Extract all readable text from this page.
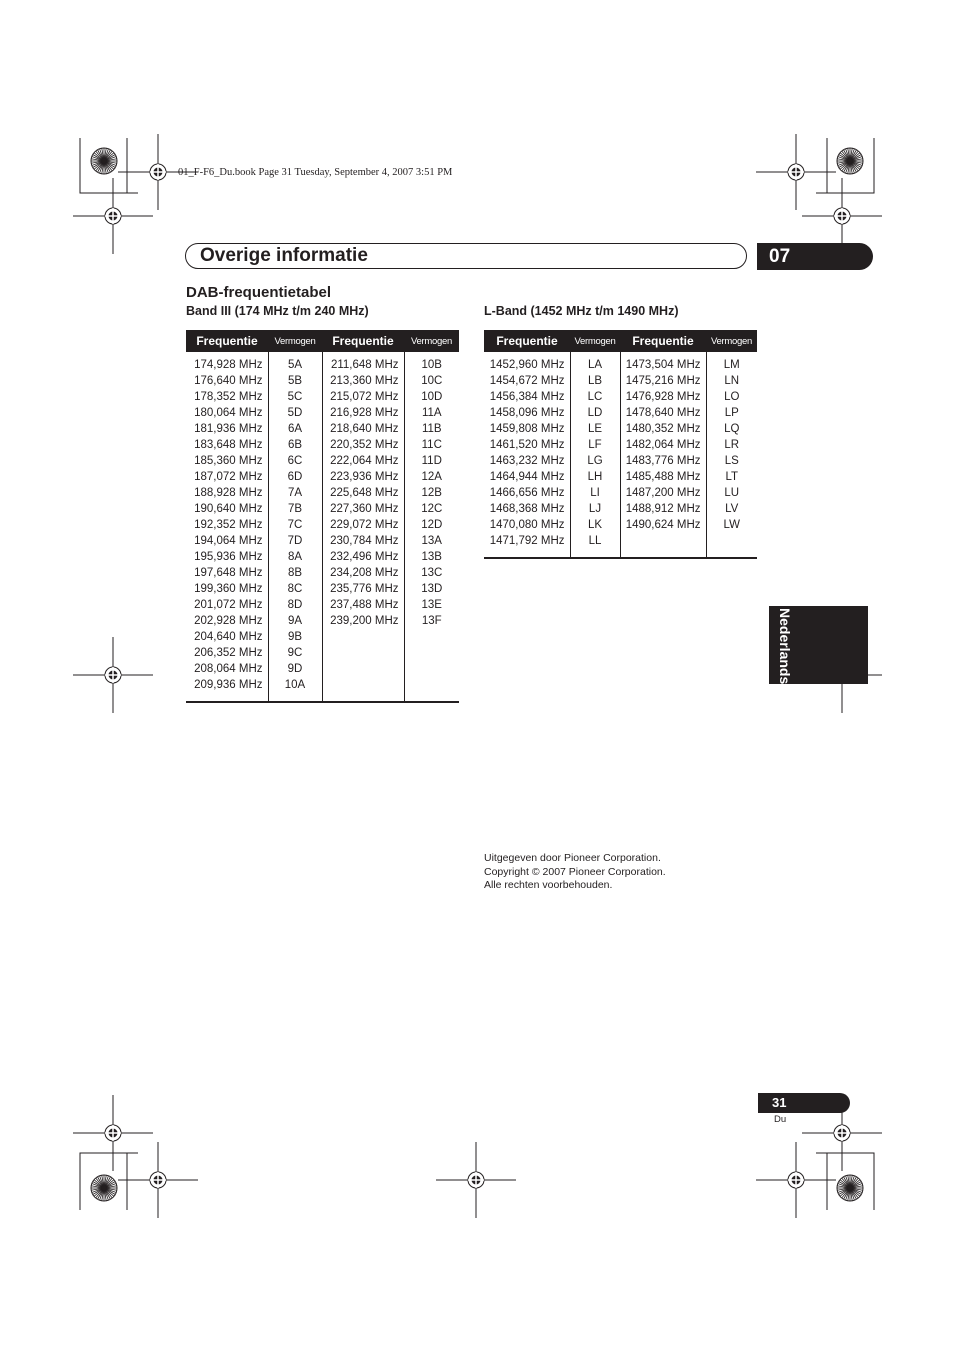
01_F-F6_Du.book Page 31 Tuesday, September 4, 2007 3:51 PM
Overige informatie	07
DAB-frequentietabel
Band III (174 MHz t/m 240 MHz)	L-Band (1452 MHz t/m 1490 MHz)
Frequentie	Vermogen	Frequentie	Vermogen
174,928 MHz	5A	211,648 MHz	10B
176,640 MHz	5B	213,360 MHz	10C
178,352 MHz	5C	215,072 MHz	10D
180,064 MHz	5D	216,928 MHz	11A
181,936 MHz	6A	218,640 MHz	11B
183,648 MHz	6B	220,352 MHz	11C
185,360 MHz	6C	222,064 MHz	11D
187,072 MHz	6D	223,936 MHz	12A
188,928 MHz	7A	225,648 MHz	12B
190,640 MHz	7B	227,360 MHz	12C
192,352 MHz	7C	229,072 MHz	12D
194,064 MHz	7D	230,784 MHz	13A
195,936 MHz	8A	232,496 MHz	13B
197,648 MHz	8B	234,208 MHz	13C
199,360 MHz	8C	235,776 MHz	13D
201,072 MHz	8D	237,488 MHz	13E
202,928 MHz	9A	239,200 MHz	13F
204,640 MHz	9B		
206,352 MHz	9C		
208,064 MHz	9D		
209,936 MHz	10A		
Frequentie	Vermogen	Frequentie	Vermogen
1452,960 MHz	LA	1473,504 MHz	LM
1454,672 MHz	LB	1475,216 MHz	LN
1456,384 MHz	LC	1476,928 MHz	LO
1458,096 MHz	LD	1478,640 MHz	LP
1459,808 MHz	LE	1480,352 MHz	LQ
1461,520 MHz	LF	1482,064 MHz	LR
1463,232 MHz	LG	1483,776 MHz	LS
1464,944 MHz	LH	1485,488 MHz	LT
1466,656 MHz	LI	1487,200 MHz	LU
1468,368 MHz	LJ	1488,912 MHz	LV
1470,080 MHz	LK	1490,624 MHz	LW
1471,792 MHz	LL		
Nederlands
Uitgegeven door Pioneer Corporation.
Copyright © 2007 Pioneer Corporation.
Alle rechten voorbehouden.
31
Du
